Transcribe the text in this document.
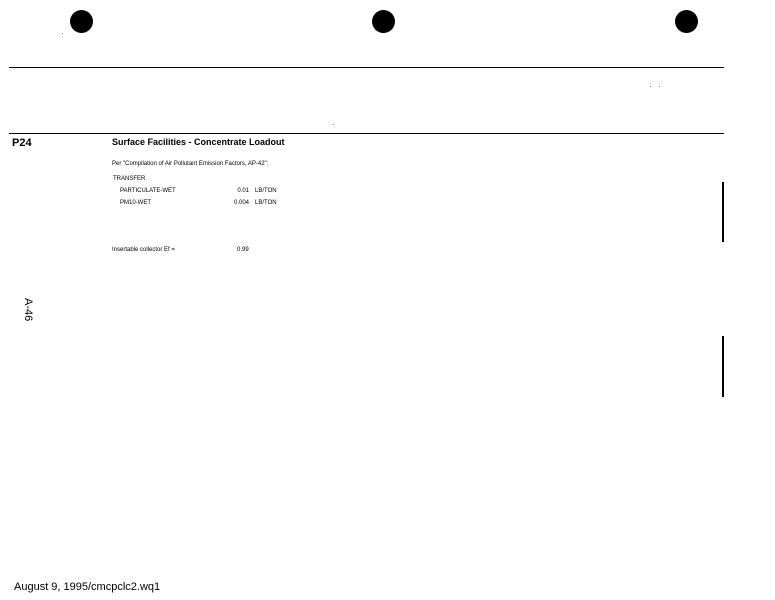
P24	Surface Facilities - Concentrate Loadout
Per "Compilation of Air Pollutant Emission Factors, AP-42":
TRANSFER
PARTICULATE-WET	0.01 LB/TON
PM10-WET	0.004 LB/TON
Insertable collector Ef =	0.99
A-46
August 9, 1995/cmcpclc2.wq1
